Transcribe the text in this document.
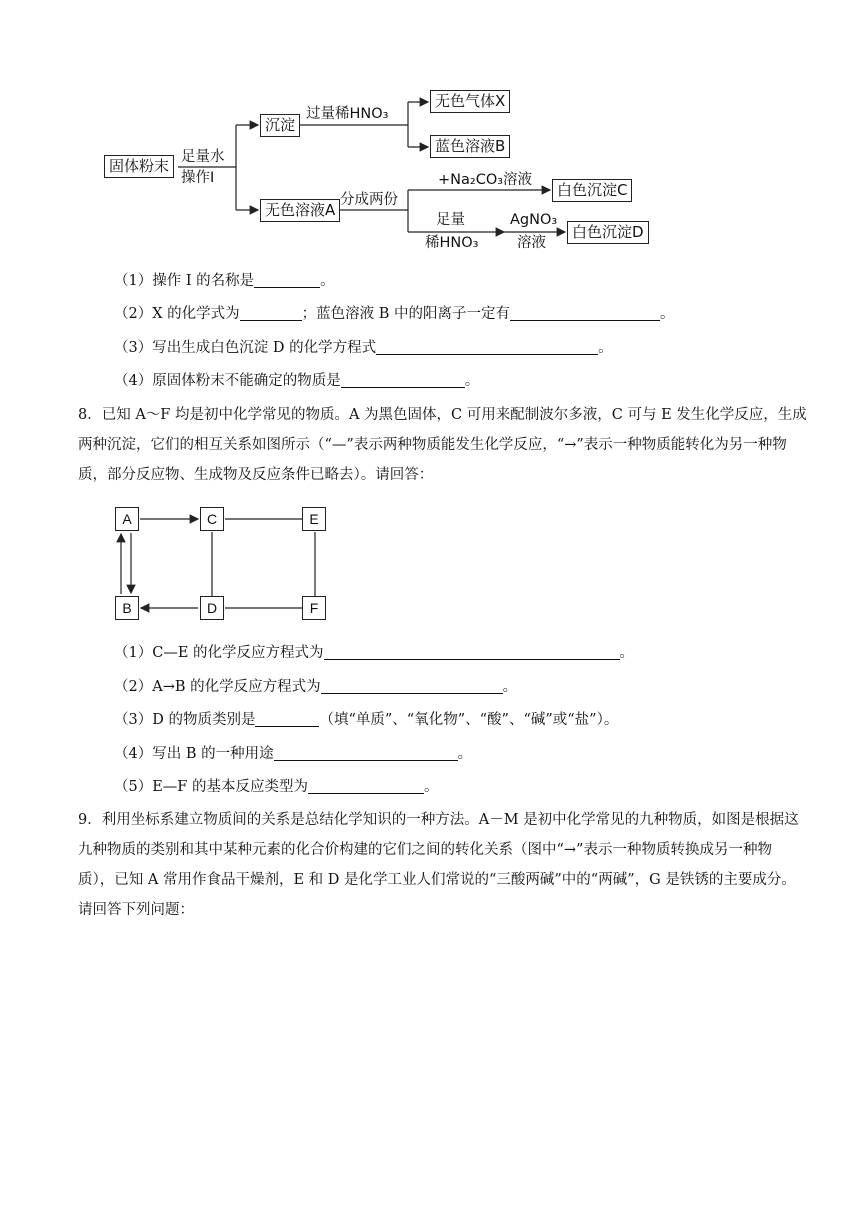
固体粉末 足量水
操作I
沉淀
过量稀HNO₃
无色气体X
蓝色溶液B
无色溶液A
分成两份
+Na₂CO₃溶液
白色沉淀C
足量
稀HNO₃
AgNO₃
溶液
白色沉淀D
（1）操作 I 的名称是	。
（2）X 的化学式为	；蓝色溶液 B 中的阳离子一定有	。
（3）写出生成白色沉淀 D 的化学方程式	。
（4）原固体粉末不能确定的物质是	。
8．已知 A～F 均是初中化学常见的物质。A 为黑色固体，C 可用来配制波尔多液，C 可与 E 发生化学反应，生成两种沉淀，它们的相互关系如图所示（“—”表示两种物质能发生化学反应，“→”表示一种物质能转化为另一种物质，部分反应物、生成物及反应条件已略去）。请回答：
A	C	E
B	D	F
（1）C—E 的化学反应方程式为	。
（2）A→B 的化学反应方程式为	。
（3）D 的物质类别是	（填“单质”、“氧化物”、“酸”、“碱”或“盐”）。
（4）写出 B 的一种用途	。
（5）E—F 的基本反应类型为	。
9．利用坐标系建立物质间的关系是总结化学知识的一种方法。A－M 是初中化学常见的九种物质，如图是根据这九种物质的类别和其中某种元素的化合价构建的它们之间的转化关系（图中“→”表示一种物质转换成另一种物质），已知 A 常用作食品干燥剂，E 和 D 是化学工业人们常说的“三酸两碱”中的“两碱”，G 是铁锈的主要成分。请回答下列问题：
